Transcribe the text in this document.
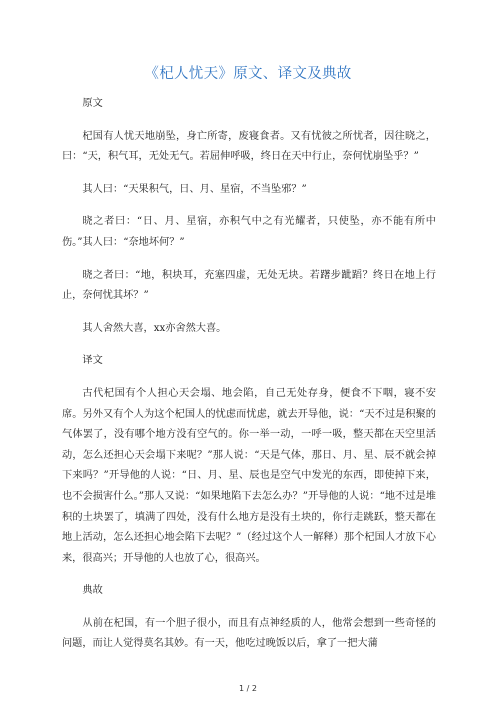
《杞人忧天》原文、译文及典故

原文

杞国有人忧天地崩坠，身亡所寄，废寝食者。又有忧彼之所忧者，因往晓之，曰：“天，积气耳，无处无气。若屈伸呼吸，终日在天中行止，奈何忧崩坠乎？”

其人曰：“天果积气，日、月、星宿，不当坠邪？”

晓之者曰：“日、月、星宿，亦积气中之有光耀者，只使坠，亦不能有所中伤。”其人曰：“奈地坏何？”

晓之者曰：“地，积块耳，充塞四虚，无处无块。若躇步跐蹈？终日在地上行止，奈何忧其坏？”

其人舍然大喜，xx亦舍然大喜。

译文

古代杞国有个人担心天会塌、地会陷，自己无处存身，便食不下咽，寝不安席。另外又有个人为这个杞国人的忧虑而忧虑，就去开导他，说：“天不过是积聚的气体罢了，没有哪个地方没有空气的。你一举一动，一呼一吸，整天都在天空里活动，怎么还担心天会塌下来呢？”那人说：“天是气体，那日、月、星、辰不就会掉下来吗？”开导他的人说：“日、月、星、辰也是空气中发光的东西，即使掉下来，也不会损害什么。”那人又说：“如果地陷下去怎么办？”开导他的人说：“地不过是堆积的土块罢了，填满了四处，没有什么地方是没有土块的，你行走跳跃，整天都在地上活动，怎么还担心地会陷下去呢？”（经过这个人一解释）那个杞国人才放下心来，很高兴；开导他的人也放了心，很高兴。

典故

从前在杞国，有一个胆子很小，而且有点神经质的人，他常会想到一些奇怪的问题，而让人觉得莫名其妙。有一天，他吃过晚饭以后，拿了一把大蒲

1 / 2
